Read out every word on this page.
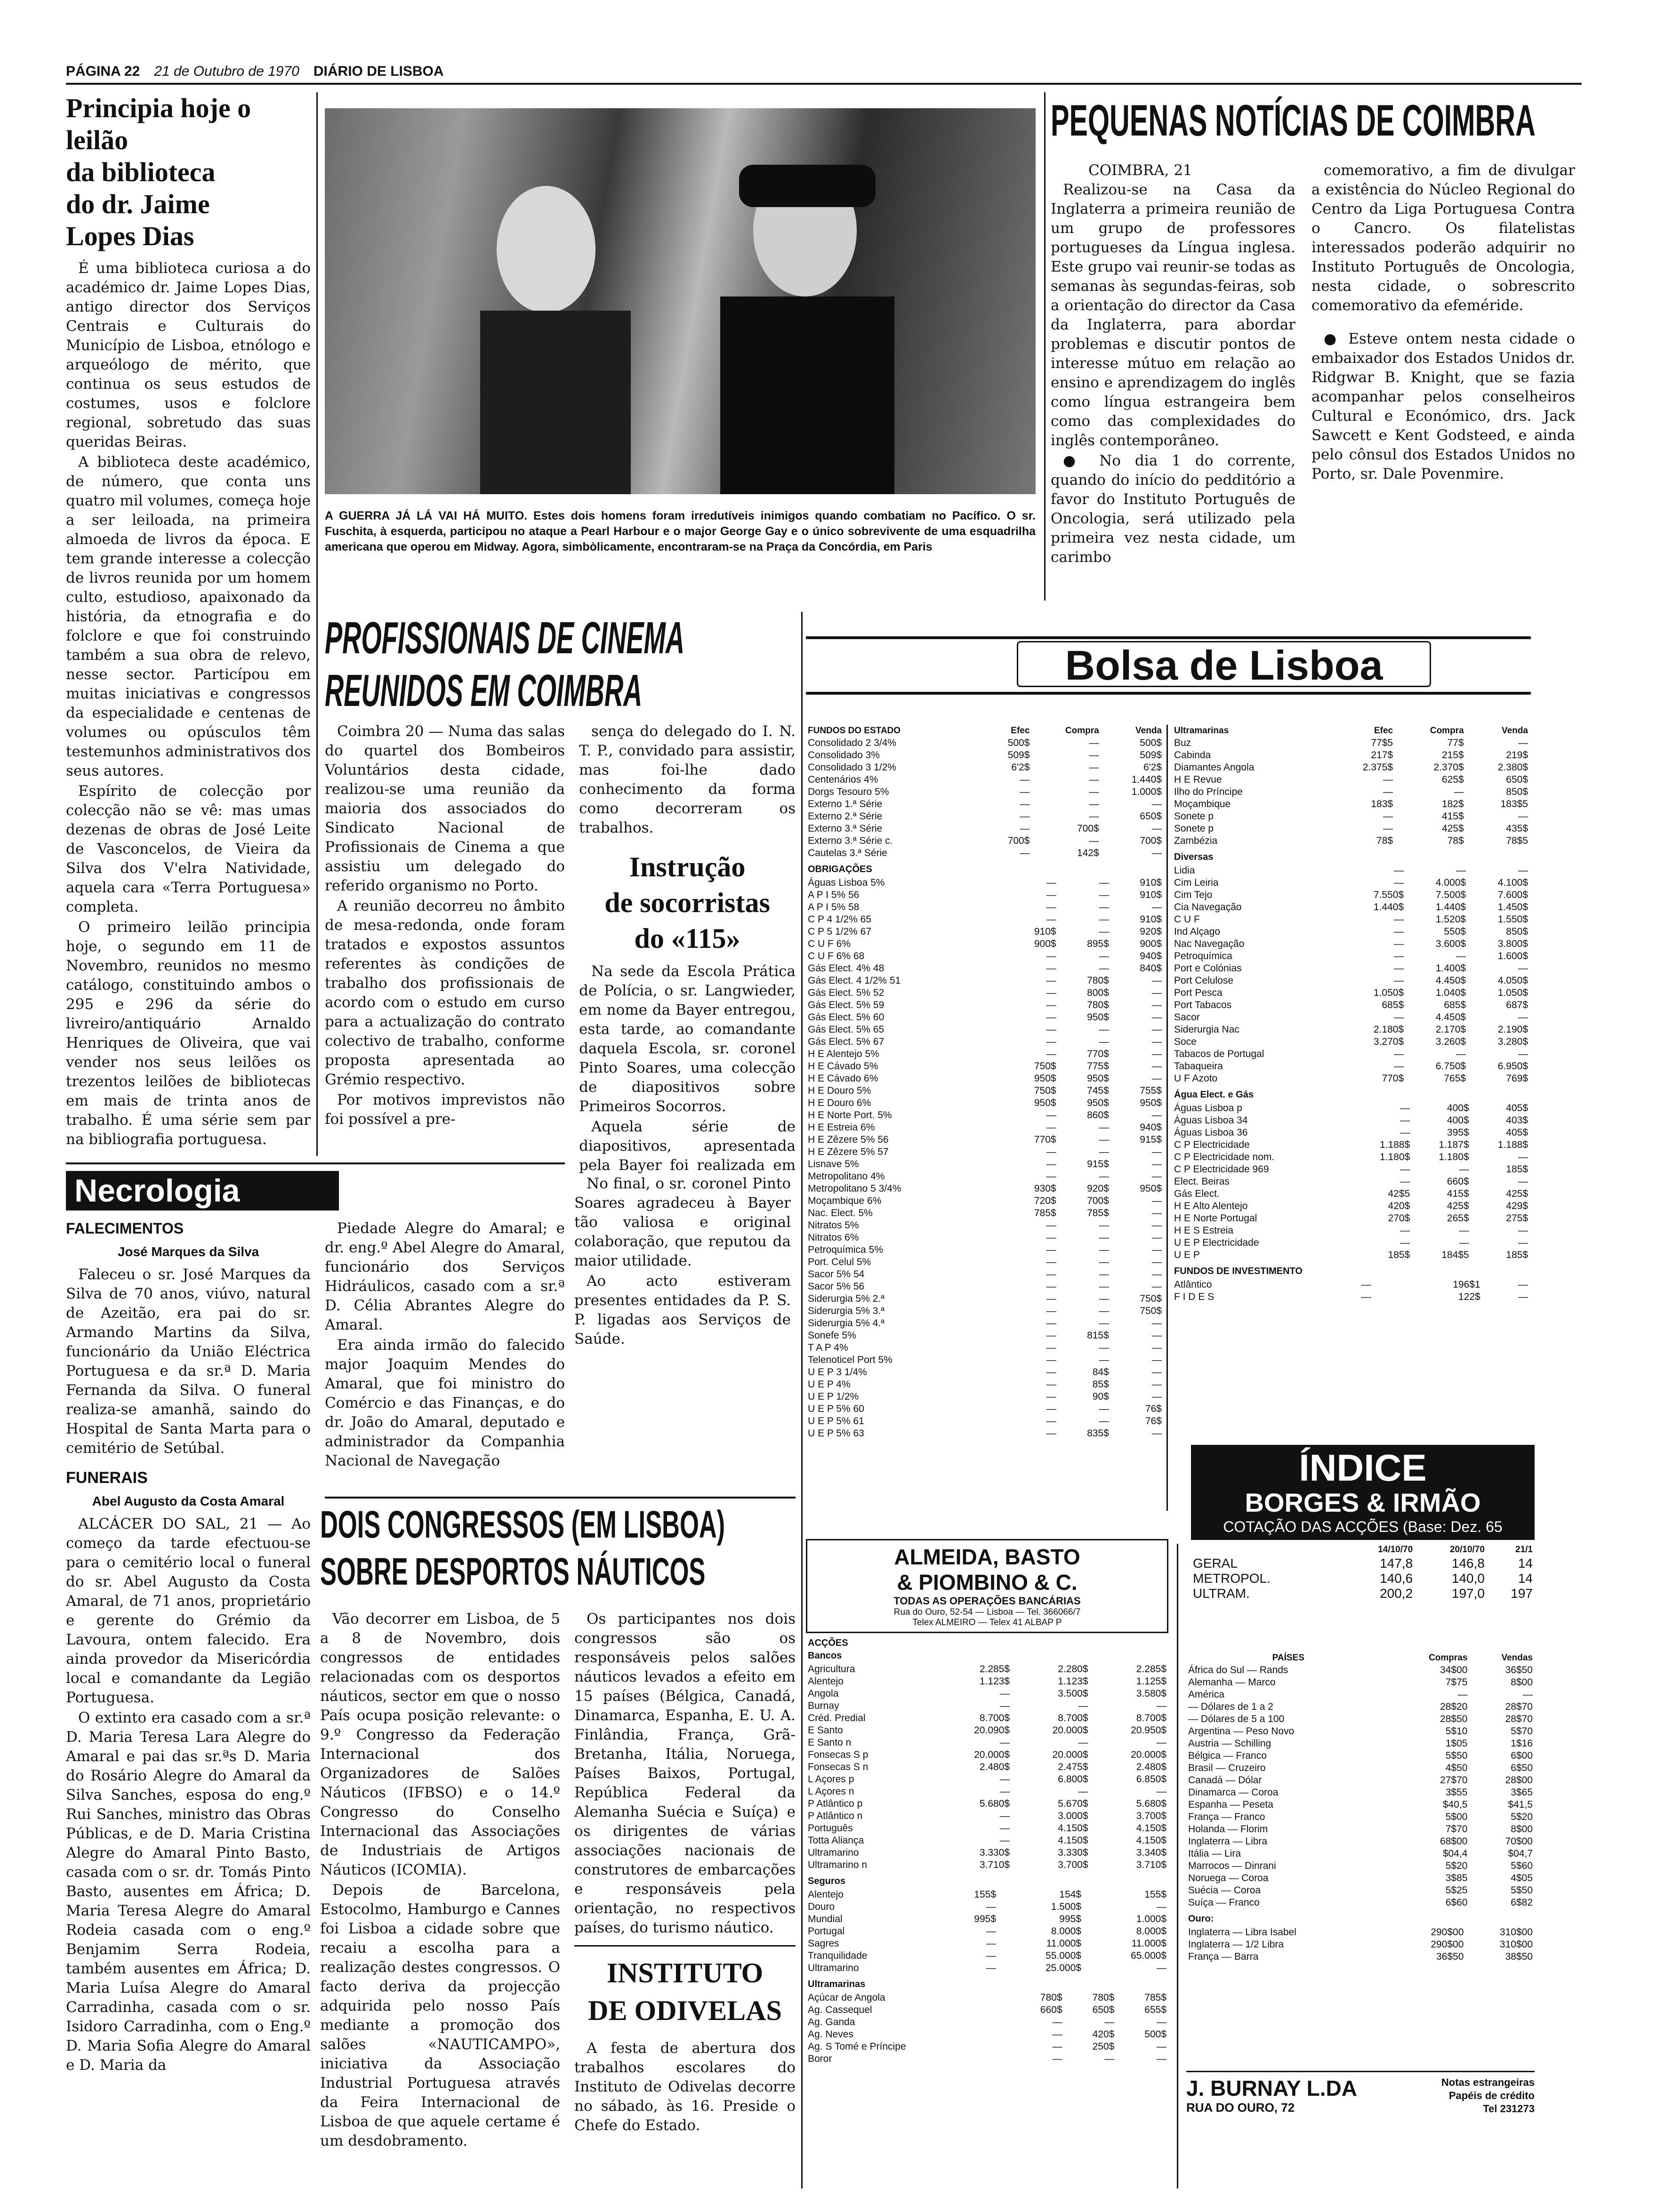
PÁGINA 22 21 de Outubro de 1970 DIÁRIO DE LISBOA
Principia hoje o leilão
da biblioteca
do dr. Jaime
Lopes Dias

É uma biblioteca curiosa a do académico dr. Jaime Lopes Dias, antigo director dos Serviços Centrais e Culturais do Município de Lisboa, etnólogo e arqueólogo de mérito, que continua os seus estudos de costumes, usos e folclore regional, sobretudo das suas queridas Beiras.

A biblioteca deste académico, de número, que conta uns quatro mil volumes, começa hoje a ser leiloada, na primeira almoeda de livros da época. E tem grande interesse a colecção de livros reunida por um homem culto, estudioso, apaixonado da história, da etnografia e do folclore e que foi construindo também a sua obra de relevo, nesse sector. Particípou em muitas iniciativas e congressos da especialidade e centenas de volumes ou opúsculos têm testemunhos administrativos dos seus autores.

Espírito de colecção por colecção não se vê: mas umas dezenas de obras de José Leite de Vasconcelos, de Vieira da Silva dos V'elra Natividade, aquela cara «Terra Portuguesa» completa.

O primeiro leilão principia hoje, o segundo em 11 de Novembro, reunidos no mesmo catálogo, constituindo ambos o 295 e 296 da série do livreiro/antiquário Arnaldo Henriques de Oliveira, que vai vender nos seus leilões os trezentos leilões de bibliotecas em mais de trinta anos de trabalho. É uma série sem par na bibliografia portuguesa.

A GUERRA JÁ LÁ VAI HÁ MUITO. Estes dois homens foram irredutíveis inimigos quando combatiam no Pacífico. O sr. Fuschita, à esquerda, participou no ataque a Pearl Harbour e o major George Gay e o único sobrevivente de uma esquadrilha americana que operou em Midway. Agora, simbòlicamente, encontraram-se na Praça da Concórdia, em Paris
PEQUENAS NOTÍCIAS DE COIMBRA
COIMBRA, 21

Realizou-se na Casa da Inglaterra a primeira reunião de um grupo de professores portugueses da Língua inglesa. Este grupo vai reunir-se todas as semanas às segundas-feiras, sob a orientação do director da Casa da Inglaterra, para abordar problemas e discutir pontos de interesse mútuo em relação ao ensino e aprendizagem do inglês como língua estrangeira bem como das complexidades do inglês contemporâneo.

● No dia 1 do corrente, quando do início do pedditório a favor do Instituto Português de Oncologia, será utilizado pela primeira vez nesta cidade, um carimbo

comemorativo, a fim de divulgar a existência do Núcleo Regional do Centro da Liga Portuguesa Contra o Cancro. Os filatelistas interessados poderão adquirir no Instituto Português de Oncologia, nesta cidade, o sobrescrito comemorativo da efeméride.

● Esteve ontem nesta cidade o embaixador dos Estados Unidos dr. Ridgwar B. Knight, que se fazia acompanhar pelos conselheiros Cultural e Económico, drs. Jack Sawcett e Kent Godsteed, e ainda pelo cônsul dos Estados Unidos no Porto, sr. Dale Povenmire.

PROFISSIONAIS DE CINEMA
REUNIDOS EM COIMBRA

Coimbra 20 — Numa das salas do quartel dos Bombeiros Voluntários desta cidade, realizou-se uma reunião da maioria dos associados do Sindicato Nacional de Profissionais de Cinema a que assistiu um delegado do referido organismo no Porto.

A reunião decorreu no âmbito de mesa-redonda, onde foram tratados e expostos assuntos referentes às condições de trabalho dos profissionais de acordo com o estudo em curso para a actualização do contrato colectivo de trabalho, conforme proposta apresentada ao Grémio respectivo.

Por motivos imprevistos não foi possível a pre-

sença do delegado do I. N. T. P., convidado para assistir, mas foi-lhe dado conhecimento da forma como decorreram os trabalhos.

Instrução
de socorristas
do «115»

Na sede da Escola Prática de Polícia, o sr. Langwieder, em nome da Bayer entregou, esta tarde, ao comandante daquela Escola, sr. coronel Pinto Soares, uma colecção de diapositivos sobre Primeiros Socorros.

Aquela série de diapositivos, apresentada pela Bayer foi realizada em

No final, o sr. coronel Pinto Soares agradeceu à Bayer tão valiosa e original colaboração, que reputou da maior utilidade.

Ao acto estiveram presentes entidades da P. S. P. ligadas aos Serviços de Saúde.

Necrologia
FALECIMENTOS
José Marques da Silva

Faleceu o sr. José Marques da Silva de 70 anos, viúvo, natural de Azeitão, era pai do sr. Armando Martins da Silva, funcionário da União Eléctrica Portuguesa e da sr.ª D. Maria Fernanda da Silva. O funeral realiza-se amanhã, saindo do Hospital de Santa Marta para o cemitério de Setúbal.

FUNERAIS
Abel Augusto da Costa Amaral

ALCÁCER DO SAL, 21 — Ao começo da tarde efectuou-se para o cemitério local o funeral do sr. Abel Augusto da Costa Amaral, de 71 anos, proprietário e gerente do Grémio da Lavoura, ontem falecido. Era ainda provedor da Misericórdia local e comandante da Legião Portuguesa.

O extinto era casado com a sr.ª D. Maria Teresa Lara Alegre do Amaral e pai das sr.ªs D. Maria do Rosário Alegre do Amaral da Silva Sanches, esposa do eng.º Rui Sanches, ministro das Obras Públicas, e de D. Maria Cristina Alegre do Amaral Pinto Basto, casada com o sr. dr. Tomás Pinto Basto, ausentes em África; D. Maria Teresa Alegre do Amaral Rodeia casada com o eng.º Benjamim Serra Rodeia, também ausentes em África; D. Maria Luísa Alegre do Amaral Carradinha, casada com o sr. Isidoro Carradinha, com o Eng.º D. Maria Sofia Alegre do Amaral e D. Maria da

Piedade Alegre do Amaral; e dr. eng.º Abel Alegre do Amaral, funcionário dos Serviços Hidráulicos, casado com a sr.ª D. Célia Abrantes Alegre do Amaral.

Era ainda irmão do falecido major Joaquim Mendes do Amaral, que foi ministro do Comércio e das Finanças, e do dr. João do Amaral, deputado e administrador da Companhia Nacional de Navegação

DOIS CONGRESSOS (EM LISBOA)
SOBRE DESPORTOS NÁUTICOS

Vão decorrer em Lisboa, de 5 a 8 de Novembro, dois congressos de entidades relacionadas com os desportos náuticos, sector em que o nosso País ocupa posição relevante: o 9.º Congresso da Federação Internacional dos Organizadores de Salões Náuticos (IFBSO) e o 14.º Congresso do Conselho Internacional das Associações de Industriais de Artigos Náuticos (ICOMIA).

Depois de Barcelona, Estocolmo, Hamburgo e Cannes foi Lisboa a cidade sobre que recaiu a escolha para a realização destes congressos. O facto deriva da projecção adquirida pelo nosso País mediante a promoção dos salões «NAUTICAMPO», iniciativa da Associação Industrial Portuguesa através da Feira Internacional de Lisboa de que aquele certame é um desdobramento.

Os participantes nos dois congressos são os responsáveis pelos salões náuticos levados a efeito em 15 países (Bélgica, Canadá, Dinamarca, Espanha, E. U. A. Finlândia, França, Grã-Bretanha, Itália, Noruega, Países Baixos, Portugal, República Federal da Alemanha Suécia e Suíça) e os dirigentes de várias associações nacionais de construtores de embarcações e responsáveis pela orientação, no respectivos países, do turismo náutico.

INSTITUTO
DE ODIVELAS

A festa de abertura dos trabalhos escolares do Instituto de Odivelas decorre no sábado, às 16. Preside o Chefe do Estado.

Bolsa de Lisboa
FUNDOS DO ESTADO	Efec	Compra	Venda
Consolidado 2 3/4%	500$	—	500$
Consolidado 3%	509$	—	509$
Consolidado 3 1/2%	6'2$	—	6'2$
Centenários 4%	—	—	1.440$
Dorgs Tesouro 5%	—	—	1.000$
Externo 1.ª Série	—	—	—
Externo 2.ª Série	—	—	650$
Externo 3.ª Série	—	700$	—
Externo 3.ª Série c.	700$	—	700$
Cautelas 3.ª Série	—	142$	—
OBRIGAÇÕES
Águas Lisboa 5%	—	—	910$
A P I 5% 56	—	—	910$
A P I 5% 58	—	—	—
C P 4 1/2% 65	—	—	910$
C P 5 1/2% 67	910$	—	920$
C U F 6%	900$	895$	900$
C U F 6% 68	—	—	940$
Gás Elect. 4% 48	—	—	840$
Gás Elect. 4 1/2% 51	—	780$	—
Gás Elect. 5% 52	—	800$	—
Gás Elect. 5% 59	—	780$	—
Gás Elect. 5% 60	—	950$	—
Gás Elect. 5% 65	—	—	—
Gás Elect. 5% 67	—	—	—
H E Alentejo 5%	—	770$	—
H E Cávado 5%	750$	775$	—
H E Cávado 6%	950$	950$	—
H E Douro 5%	750$	745$	755$
H E Douro 6%	950$	950$	950$
H E Norte Port. 5%	—	860$	—
H E Estreia 6%	—	—	940$
H E Zêzere 5% 56	770$	—	915$
H E Zêzere 5% 57	—	—	—
Lisnave 5%	—	915$	—
Metropolitano 4%	—	—	—
Metropolitano 5 3/4%	930$	920$	950$
Moçambique 6%	720$	700$	—
Nac. Elect. 5%	785$	785$	—
Nitratos 5%	—	—	—
Nitratos 6%	—	—	—
Petroquímica 5%	—	—	—
Port. Celul 5%	—	—	—
Sacor 5% 54	—	—	—
Sacor 5% 56	—	—	—
Siderurgia 5% 2.ª	—	—	750$
Siderurgia 5% 3.ª	—	—	750$
Siderurgia 5% 4.ª	—	—	—
Sonefe 5%	—	815$	—
T A P 4%	—	—	—
Telenoticel Port 5%	—	—	—
U E P 3 1/4%	—	84$	—
U E P 4%	—	85$	—
U E P 1/2%	—	90$	—
U E P 5% 60	—	—	76$
U E P 5% 61	—	—	76$
U E P 5% 63	—	835$	—
Ultramarinas	Efec	Compra	Venda
Buz	77$5	77$	—
Cabinda	217$	215$	219$
Diamantes Angola	2.375$	2.370$	2.380$
H E Revue	—	625$	650$
Ilho do Príncipe	—	—	850$
Moçambique	183$	182$	183$5
Sonete p	—	415$	—
Sonete p	—	425$	435$
Zambézia	78$	78$	78$5
Diversas
Lidia	—	—	—
Cim Leiria	—	4.000$	4.100$
Cim Tejo	7.550$	7.500$	7.600$
Cia Navegação	1.440$	1.440$	1.450$
C U F	—	1.520$	1.550$
Ind Alçago	—	550$	850$
Nac Navegação	—	3.600$	3.800$
Petroquímica	—	—	1.600$
Port e Colónias	—	1.400$	—
Port Celulose	—	4.450$	4.050$
Port Pesca	1.050$	1.040$	1.050$
Port Tabacos	685$	685$	687$
Sacor	—	4.450$	—
Siderurgia Nac	2.180$	2.170$	2.190$
Soce	3.270$	3.260$	3.280$
Tabacos de Portugal	—	—	—
Tabaqueira	—	6.750$	6.950$
U F Azoto	770$	765$	769$
Água Elect. e Gás
Águas Lisboa p	—	400$	405$
Águas Lisboa 34	—	400$	403$
Águas Lisboa 36	—	395$	405$
C P Electricidade	1.188$	1.187$	1.188$
C P Electricidade nom.	1.180$	1.180$	—
C P Electricidade 969	—	—	185$
Elect. Beiras	—	660$	—
Gás Elect.	42$5	415$	425$
H E Alto Alentejo	420$	425$	429$
H E Norte Portugal	270$	265$	275$
H E S Estreia	—	—	—
U E P Electricidade	—	—	—
U E P	185$	184$5	185$
FUNDOS DE INVESTIMENTO
Atlântico	—	196$1	—
F I D E S	—	122$	—
ÍNDICE
BORGES & IRMÃO
COTAÇÃO DAS ACÇÕES (Base: Dez. 65
	14/10/70	20/10/70	21/1
GERAL	147,8	146,8	14
METROPOL.	140,6	140,0	14
ULTRAM.	200,2	197,0	197
ALMEIDA, BASTO
& PIOMBINO & C.
TODAS AS OPERAÇÕES BANCÁRIAS
Rua do Ouro, 52-54 — Lisboa — Tel. 366066/7
Telex ALMEIRO — Telex 41 ALBAP P
ACÇÕES
Bancos
Agricultura	2.285$	2.280$	2.285$
Alentejo	1.123$	1.123$	1.125$
Angola	—	3.500$	3.580$
Burnay	—	—	—
Créd. Predial	8.700$	8.700$	8.700$
E Santo	20.090$	20.000$	20.950$
E Santo n	—	—	—
Fonsecas S p	20.000$	20.000$	20.000$
Fonsecas S n	2.480$	2.475$	2.480$
L Açores p	—	6.800$	6.850$
L Açores n	—	—	—
P Atlântico p	5.680$	5.670$	5.680$
P Atlântico n	—	3.000$	3.700$
Português	—	4.150$	4.150$
Totta Aliança	—	4.150$	4.150$
Ultramarino	3.330$	3.330$	3.340$
Ultramarino n	3.710$	3.700$	3.710$
Seguros
Alentejo	155$	154$	155$
Douro	—	1.500$	—
Mundial	995$	995$	1.000$
Portugal	—	8.000$	8.000$
Sagres	—	11.000$	11.000$
Tranquilidade	—	55.000$	65.000$
Ultramarino	—	25.000$	—
Ultramarinas
Açúcar de Angola	780$	780$	785$
Ag. Cassequel	660$	650$	655$
Ag. Ganda	—	—	—
Ag. Neves	—	420$	500$
Ag. S Tomé e Príncipe	—	250$	—
Boror	—	—	—
PAÍSES	Compras	Vendas
África do Sul — Rands	34$00	36$50
Alemanha — Marco	7$75	8$00
América	—	—
— Dólares de 1 a 2	28$20	28$70
— Dólares de 5 a 100	28$50	28$70
Argentina — Peso Novo	5$10	5$70
Austria — Schilling	1$05	1$16
Bélgica — Franco	5$50	6$00
Brasil — Cruzeiro	4$50	6$50
Canadá — Dólar	27$70	28$00
Dinamarca — Coroa	3$55	3$65
Espanha — Peseta	$40,5	$41,5
França — Franco	5$00	5$20
Holanda — Florim	7$70	8$00
Inglaterra — Libra	68$00	70$00
Itália — Lira	$04,4	$04,7
Marrocos — Dinrani	5$20	5$60
Noruega — Coroa	3$85	4$05
Suécia — Coroa	5$25	5$50
Suíça — Franco	6$60	6$82
Ouro:
Inglaterra — Libra Isabel	290$00	310$00
Inglaterra — 1/2 Libra	290$00	310$00
França — Barra	36$50	38$50
J. BURNAY L.DA
RUA DO OURO, 72
Notas estrangeiras
Papéis de crédito
Tel 231273
